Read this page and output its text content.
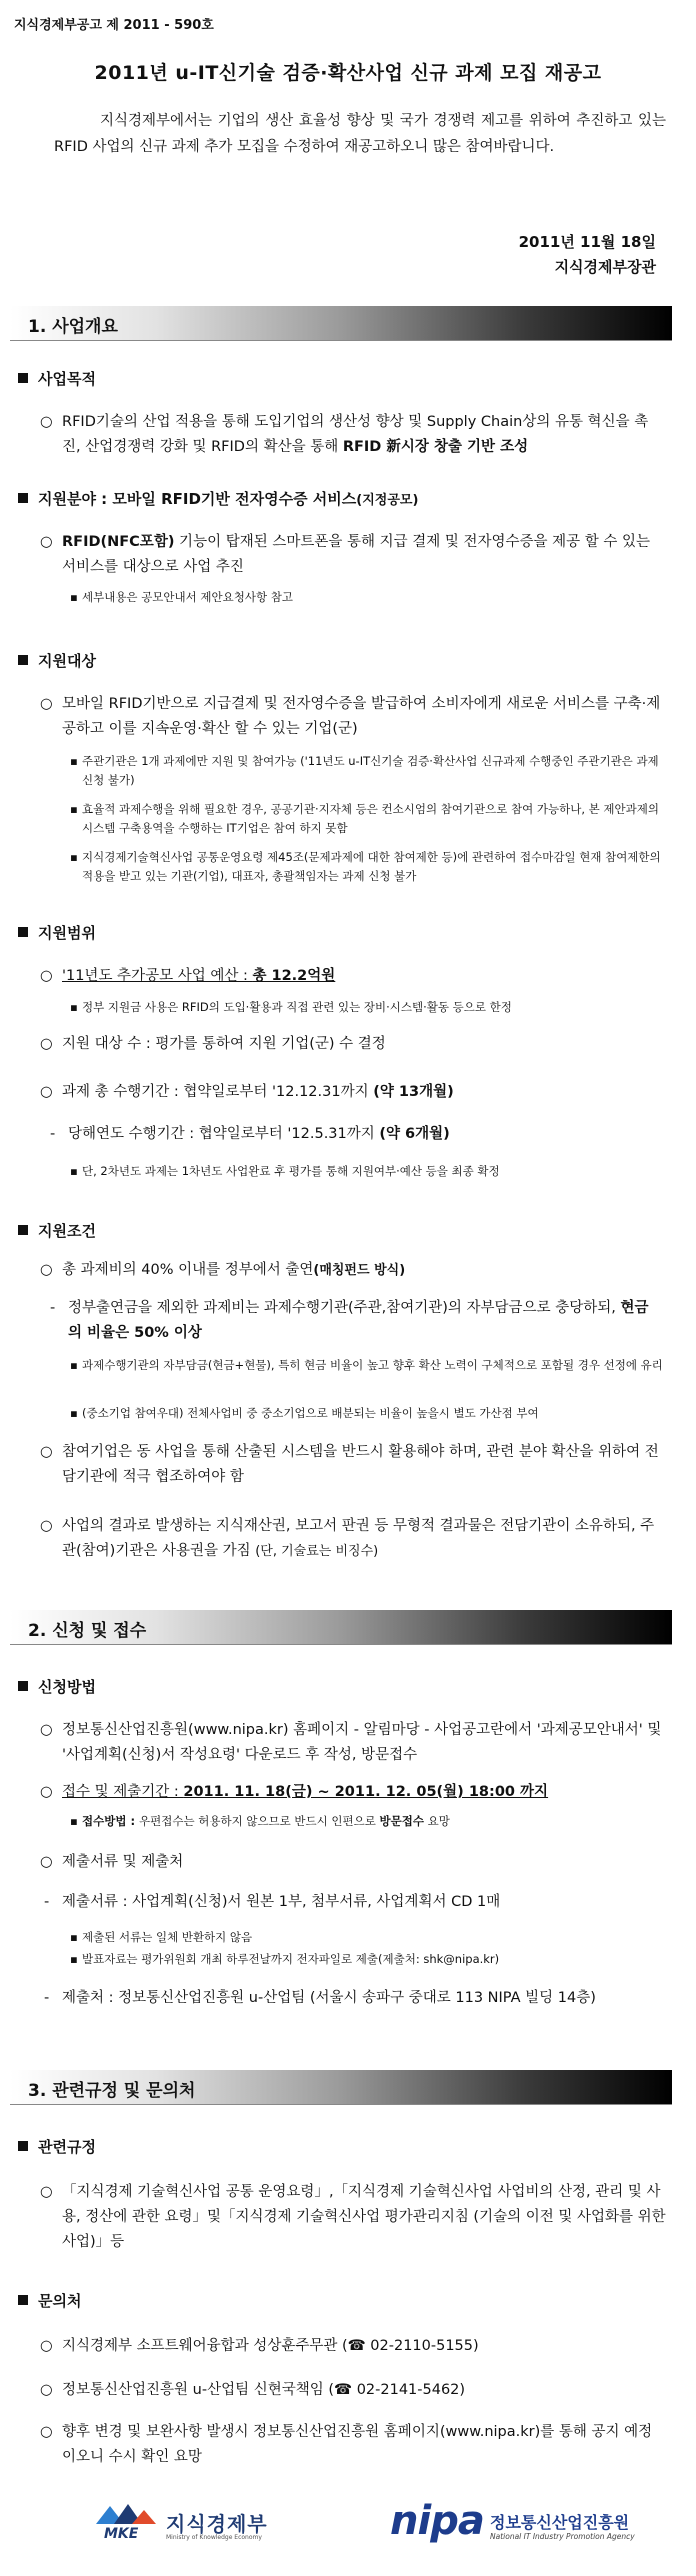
지식경제부공고 제 2011 - 590호
2011년 u-IT신기술 검증·확산사업 신규 과제 모집 재공고
지식경제부에서는 기업의 생산 효율성 향상 및 국가 경쟁력 제고를 위하여 추진하고 있는 RFID 사업의 신규 과제 추가 모집을 수정하여 재공고하오니 많은 참여바랍니다.
2011년 11월 18일
지식경제부장관
1. 사업개요
사업목적
○ RFID기술의 산업 적용을 통해 도입기업의 생산성 향상 및 Supply Chain상의 유통 혁신을 촉진, 산업경쟁력 강화 및 RFID의 확산을 통해 RFID 新시장 창출 기반 조성
지원분야 : 모바일 RFID기반 전자영수증 서비스(지정공모)
○ RFID(NFC포함) 기능이 탑재된 스마트폰을 통해 지급 결제 및 전자영수증을 제공 할 수 있는 서비스를 대상으로 사업 추진
▪ 세부내용은 공모안내서 제안요청사항 참고
지원대상
○ 모바일 RFID기반으로 지급결제 및 전자영수증을 발급하여 소비자에게 새로운 서비스를 구축·제공하고 이를 지속운영·확산 할 수 있는 기업(군)
▪ 주관기관은 1개 과제에만 지원 및 참여가능 ('11년도 u-IT신기술 검증·확산사업 신규과제 수행중인 주관기관은 과제 신청 불가)
▪ 효율적 과제수행을 위해 필요한 경우, 공공기관·지자체 등은 컨소시엄의 참여기관으로 참여 가능하나, 본 제안과제의 시스템 구축용역을 수행하는 IT기업은 참여 하지 못함
▪ 지식경제기술혁신사업 공통운영요령 제45조(문제과제에 대한 참여제한 등)에 관련하여 접수마감일 현재 참여제한의 적용을 받고 있는 기관(기업), 대표자, 총괄책임자는 과제 신청 불가
지원범위
○ '11년도 추가공모 사업 예산 : 총 12.2억원
▪ 정부 지원금 사용은 RFID의 도입·활용과 직접 관련 있는 장비·시스템·활동 등으로 한정
○ 지원 대상 수 : 평가를 통하여 지원 기업(군) 수 결정
○ 과제 총 수행기간 : 협약일로부터 '12.12.31까지 (약 13개월)
- 당해연도 수행기간 : 협약일로부터 '12.5.31까지 (약 6개월)
▪ 단, 2차년도 과제는 1차년도 사업완료 후 평가를 통해 지원여부·예산 등을 최종 확정
지원조건
○ 총 과제비의 40% 이내를 정부에서 출연(매칭펀드 방식)
- 정부출연금을 제외한 과제비는 과제수행기관(주관,참여기관)의 자부담금으로 충당하되, 현금의 비율은 50% 이상
▪ 과제수행기관의 자부담금(현금+현물), 특히 현금 비율이 높고 향후 확산 노력이 구체적으로 포함될 경우 선정에 유리
▪ (중소기업 참여우대) 전체사업비 중 중소기업으로 배분되는 비율이 높을시 별도 가산점 부여
○ 참여기업은 동 사업을 통해 산출된 시스템을 반드시 활용해야 하며, 관련 분야 확산을 위하여 전담기관에 적극 협조하여야 함
○ 사업의 결과로 발생하는 지식재산권, 보고서 판권 등 무형적 결과물은 전담기관이 소유하되, 주관(참여)기관은 사용권을 가짐 (단, 기술료는 비징수)
2. 신청 및 접수
신청방법
○ 정보통신산업진흥원(www.nipa.kr) 홈페이지 - 알림마당 - 사업공고란에서 '과제공모안내서' 및 '사업계획(신청)서 작성요령' 다운로드 후 작성, 방문접수
○ 접수 및 제출기간 : 2011. 11. 18(금) ~ 2011. 12. 05(월) 18:00 까지
▪ 접수방법 : 우편접수는 허용하지 않으므로 반드시 인편으로 방문접수 요망
○ 제출서류 및 제출처
- 제출서류 : 사업계획(신청)서 원본 1부, 첨부서류, 사업계획서 CD 1매
▪ 제출된 서류는 일체 반환하지 않음
▪ 발표자료는 평가위원회 개최 하루전날까지 전자파일로 제출(제출처: shk@nipa.kr)
- 제출처 : 정보통신산업진흥원 u-산업팀 (서울시 송파구 중대로 113 NIPA 빌딩 14층)
3. 관련규정 및 문의처
관련규정
○ 「지식경제 기술혁신사업 공통 운영요령」,「지식경제 기술혁신사업 사업비의 산정, 관리 및 사용, 정산에 관한 요령」및「지식경제 기술혁신사업 평가관리지침 (기술의 이전 및 사업화를 위한 사업)」등
문의처
○ 지식경제부 소프트웨어융합과 성상훈주무관 (☎ 02-2110-5155)
○ 정보통신산업진흥원 u-산업팀 신현국책임 (☎ 02-2141-5462)
○ 향후 변경 및 보완사항 발생시 정보통신산업진흥원 홈페이지(www.nipa.kr)를 통해 공지 예정이오니 수시 확인 요망
MKE 지식경제부
Ministry of Knowledge Economy	nipa 정보통신산업진흥원
National IT Industry Promotion Agency
